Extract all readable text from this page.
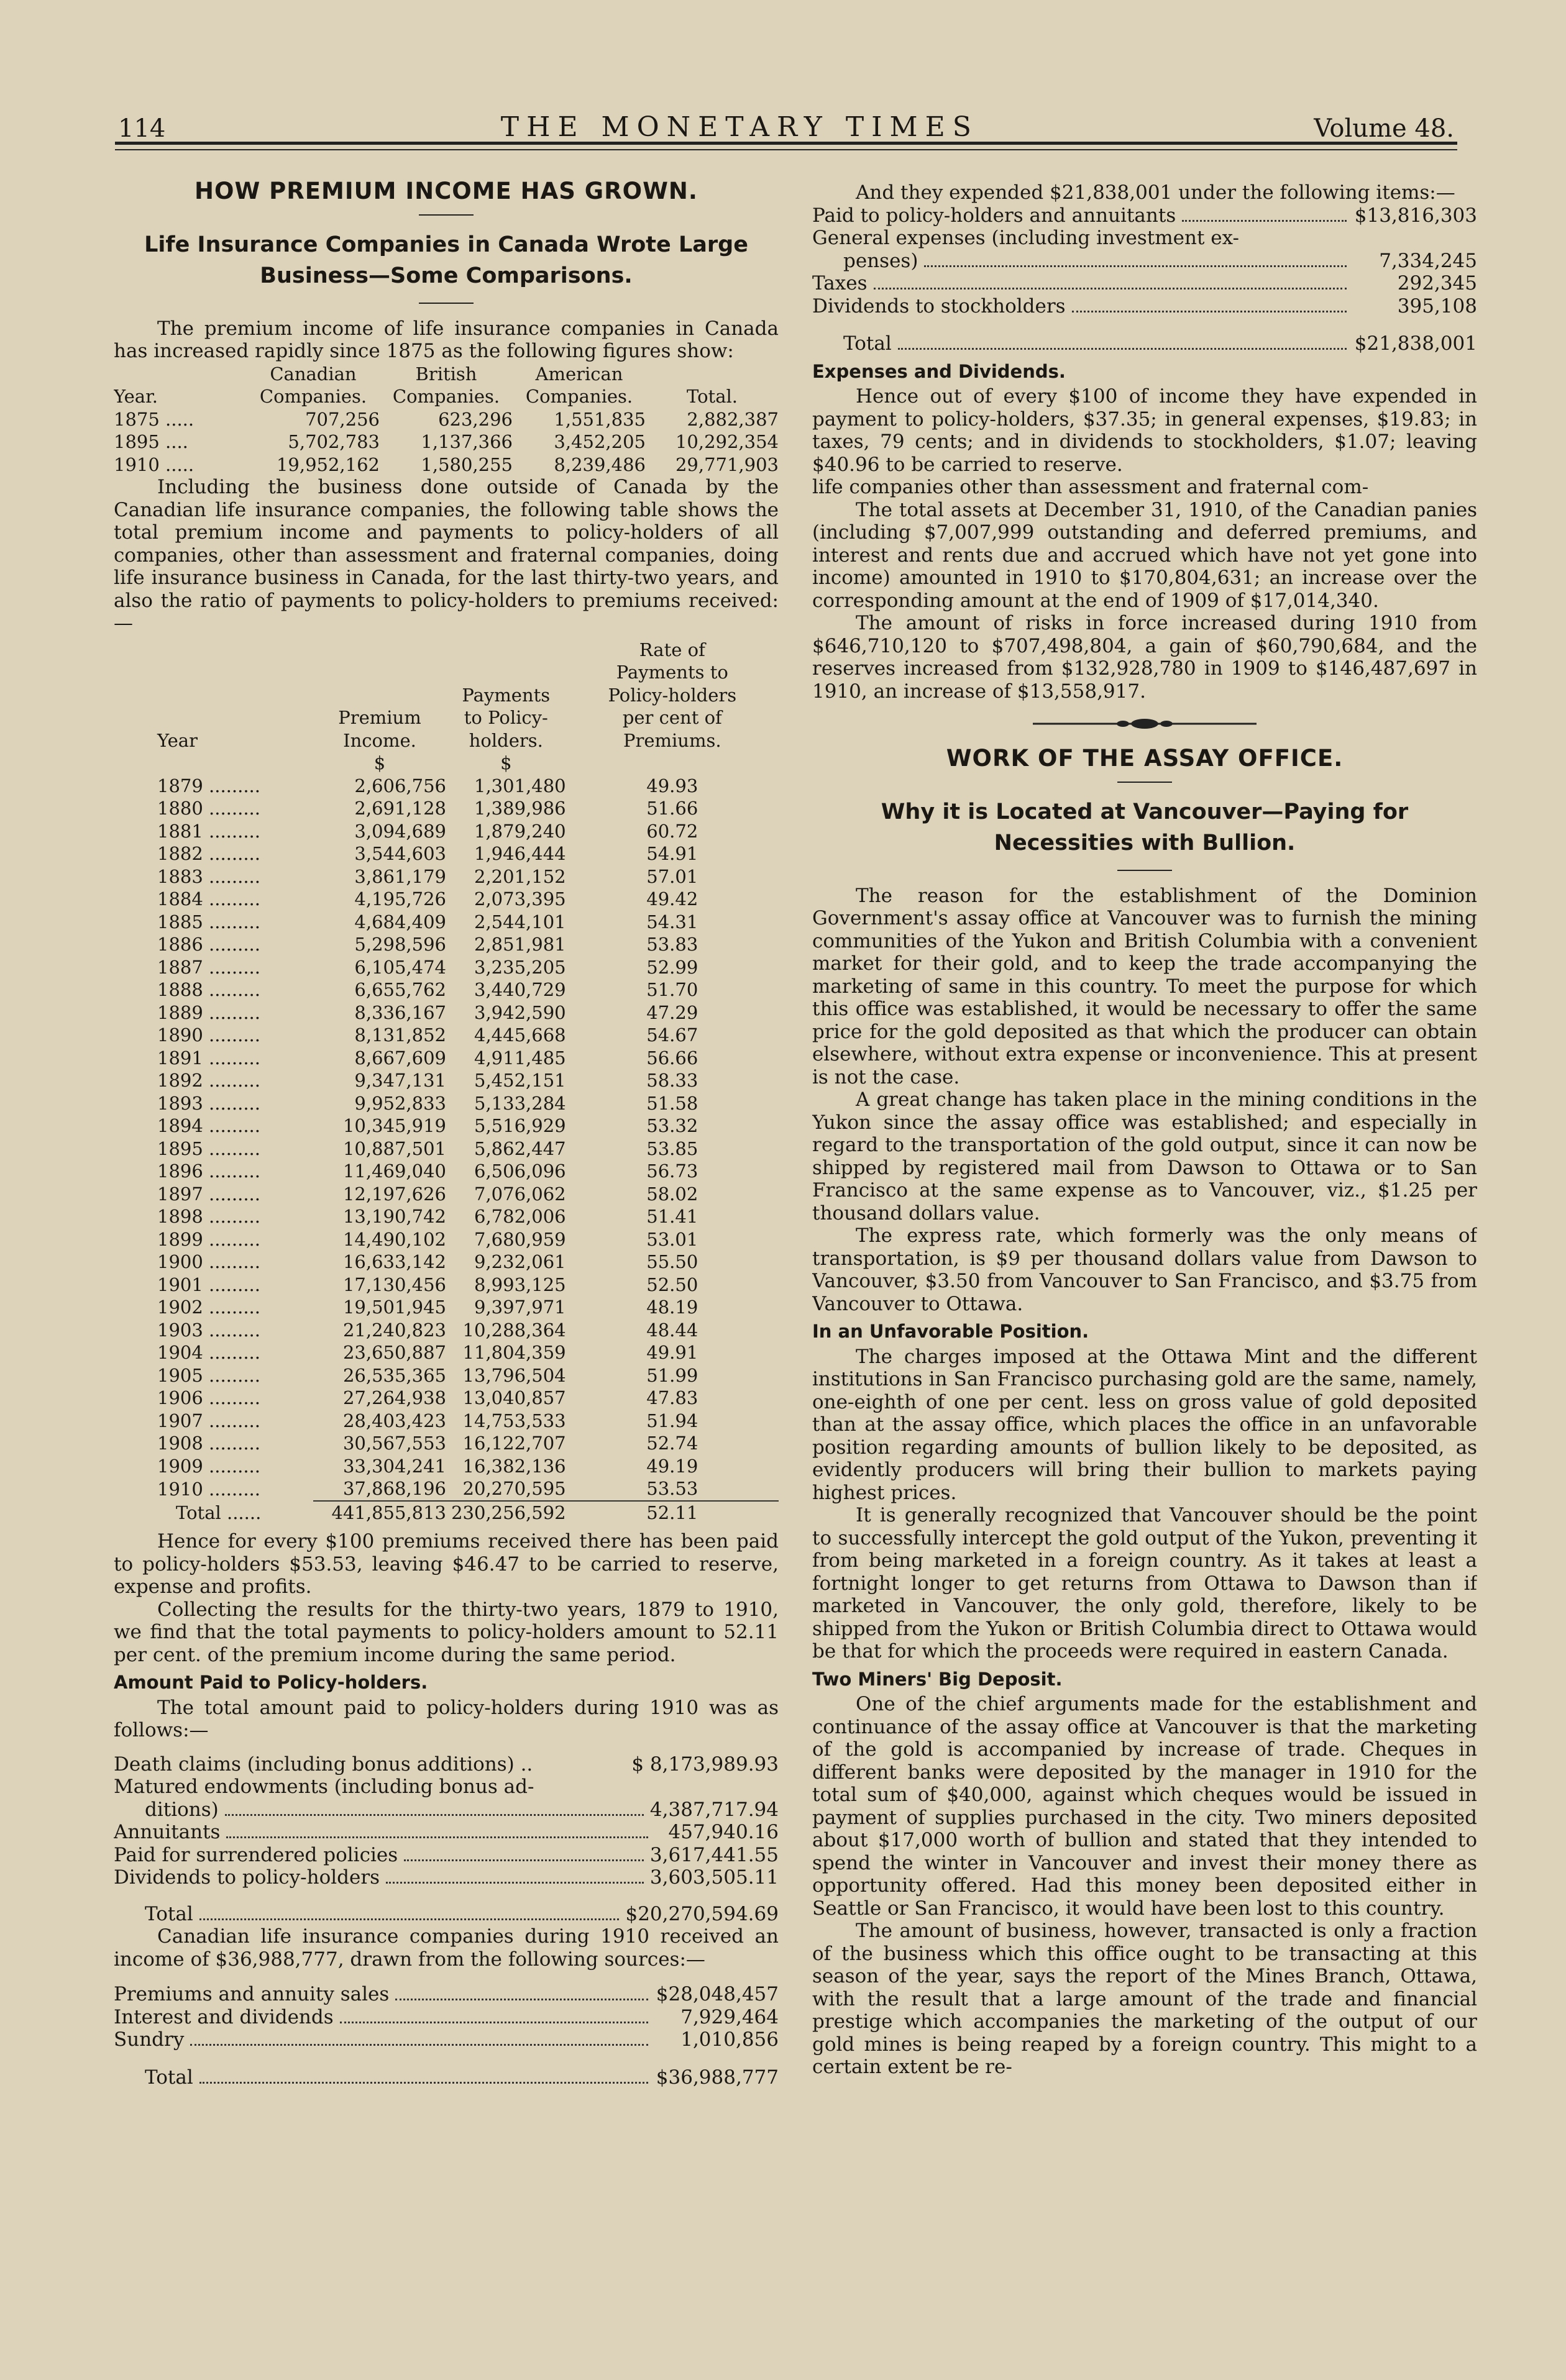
114	THE MONETARY TIMES	Volume 48.
HOW PREMIUM INCOME HAS GROWN.
Life Insurance Companies in Canada Wrote Large Business—Some Comparisons.

The premium income of life insurance companies in Canada has increased rapidly since 1875 as the following figures show:

	Canadian	British	American	
Year.	Companies.	Companies.	Companies.	Total.
1875 .....	707,256	623,296	1,551,835	2,882,387
1895 ....	5,702,783	1,137,366	3,452,205	10,292,354
1910 .....	19,952,162	1,580,255	8,239,486	29,771,903

Including the business done outside of Canada by the Canadian life insurance companies, the following table shows the total premium income and payments to policy-holders of all companies, other than assessment and fraternal companies, doing life insurance business in Canada, for the last thirty-two years, and also the ratio of payments to policy-holders to premiums received:—

			Rate of
			Payments to
		Payments	Policy-holders
	Premium	to Policy-	per cent of
Year	Income.	holders.	Premiums.
	$	$	
1879 .........	2,606,756	1,301,480	49.93
1880 .........	2,691,128	1,389,986	51.66
1881 .........	3,094,689	1,879,240	60.72
1882 .........	3,544,603	1,946,444	54.91
1883 .........	3,861,179	2,201,152	57.01
1884 .........	4,195,726	2,073,395	49.42
1885 .........	4,684,409	2,544,101	54.31
1886 .........	5,298,596	2,851,981	53.83
1887 .........	6,105,474	3,235,205	52.99
1888 .........	6,655,762	3,440,729	51.70
1889 .........	8,336,167	3,942,590	47.29
1890 .........	8,131,852	4,445,668	54.67
1891 .........	8,667,609	4,911,485	56.66
1892 .........	9,347,131	5,452,151	58.33
1893 .........	9,952,833	5,133,284	51.58
1894 .........	10,345,919	5,516,929	53.32
1895 .........	10,887,501	5,862,447	53.85
1896 .........	11,469,040	6,506,096	56.73
1897 .........	12,197,626	7,076,062	58.02
1898 .........	13,190,742	6,782,006	51.41
1899 .........	14,490,102	7,680,959	53.01
1900 .........	16,633,142	9,232,061	55.50
1901 .........	17,130,456	8,993,125	52.50
1902 .........	19,501,945	9,397,971	48.19
1903 .........	21,240,823	10,288,364	48.44
1904 .........	23,650,887	11,804,359	49.91
1905 .........	26,535,365	13,796,504	51.99
1906 .........	27,264,938	13,040,857	47.83
1907 .........	28,403,423	14,753,533	51.94
1908 .........	30,567,553	16,122,707	52.74
1909 .........	33,304,241	16,382,136	49.19
1910 .........	37,868,196	20,270,595	53.53

Total ......	441,855,813	230,256,592	52.11

Hence for every $100 premiums received there has been paid to policy-holders $53.53, leaving $46.47 to be carried to reserve, expense and profits.

Collecting the results for the thirty-two years, 1879 to 1910, we find that the total payments to policy-holders amount to 52.11 per cent. of the premium income during the same period.

Amount Paid to Policy-holders.

The total amount paid to policy-holders during 1910 was as follows:—

Death claims (including bonus additions) ..	$ 8,173,989.93
Matured endowments (including bonus ad-
ditions)	4,387,717.94
Annuitants	457,940.16
Paid for surrendered policies	3,617,441.55
Dividends to policy-holders	3,603,505.11
Total	$20,270,594.69

Canadian life insurance companies during 1910 received an income of $36,988,777, drawn from the following sources:—

Premiums and annuity sales	$28,048,457
Interest and dividends	7,929,464
Sundry	1,010,856
Total	$36,988,777

And they expended $21,838,001 under the following items:—

Paid to policy-holders and annuitants	$13,816,303
General expenses (including investment ex-
penses)	7,334,245
Taxes	292,345
Dividends to stockholders	395,108
Total	$21,838,001
Expenses and Dividends.

Hence out of every $100 of income they have expended in payment to policy-holders, $37.35; in general expenses, $19.83; in taxes, 79 cents; and in dividends to stockholders, $1.07; leaving $40.96 to be carried to reserve.

life companies other than assessment and fraternal com-

The total assets at December 31, 1910, of the Canadian panies (including $7,007,999 outstanding and deferred premiums, and interest and rents due and accrued which have not yet gone into income) amounted in 1910 to $170,804,631; an increase over the corresponding amount at the end of 1909 of $17,014,340.

The amount of risks in force increased during 1910 from $646,710,120 to $707,498,804, a gain of $60,790,684, and the reserves increased from $132,928,780 in 1909 to $146,487,697 in 1910, an increase of $13,558,917.

WORK OF THE ASSAY OFFICE.
Why it is Located at Vancouver—Paying for Necessities with Bullion.

The reason for the establishment of the Dominion Government's assay office at Vancouver was to furnish the mining communities of the Yukon and British Columbia with a convenient market for their gold, and to keep the trade accompanying the marketing of same in this country. To meet the purpose for which this office was established, it would be necessary to offer the same price for the gold deposited as that which the producer can obtain elsewhere, without extra expense or inconvenience. This at present is not the case.

A great change has taken place in the mining conditions in the Yukon since the assay office was established; and especially in regard to the transportation of the gold output, since it can now be shipped by registered mail from Dawson to Ottawa or to San Francisco at the same expense as to Vancouver, viz., $1.25 per thousand dollars value.

The express rate, which formerly was the only means of transportation, is $9 per thousand dollars value from Dawson to Vancouver, $3.50 from Vancouver to San Francisco, and $3.75 from Vancouver to Ottawa.

In an Unfavorable Position.

The charges imposed at the Ottawa Mint and the different institutions in San Francisco purchasing gold are the same, namely, one-eighth of one per cent. less on gross value of gold deposited than at the assay office, which places the office in an unfavorable position regarding amounts of bullion likely to be deposited, as evidently producers will bring their bullion to markets paying highest prices.

It is generally recognized that Vancouver should be the point to successfully intercept the gold output of the Yukon, preventing it from being marketed in a foreign country. As it takes at least a fortnight longer to get returns from Ottawa to Dawson than if marketed in Vancouver, the only gold, therefore, likely to be shipped from the Yukon or British Columbia direct to Ottawa would be that for which the proceeds were required in eastern Canada.

Two Miners' Big Deposit.

One of the chief arguments made for the establishment and continuance of the assay office at Vancouver is that the marketing of the gold is accompanied by increase of trade. Cheques in different banks were deposited by the manager in 1910 for the total sum of $40,000, against which cheques would be issued in payment of supplies purchased in the city. Two miners deposited about $17,000 worth of bullion and stated that they intended to spend the winter in Vancouver and invest their money there as opportunity offered. Had this money been deposited either in Seattle or San Francisco, it would have been lost to this country.

The amount of business, however, transacted is only a fraction of the business which this office ought to be transacting at this season of the year, says the report of the Mines Branch, Ottawa, with the result that a large amount of the trade and financial prestige which accompanies the marketing of the output of our gold mines is being reaped by a foreign country. This might to a certain extent be re-
